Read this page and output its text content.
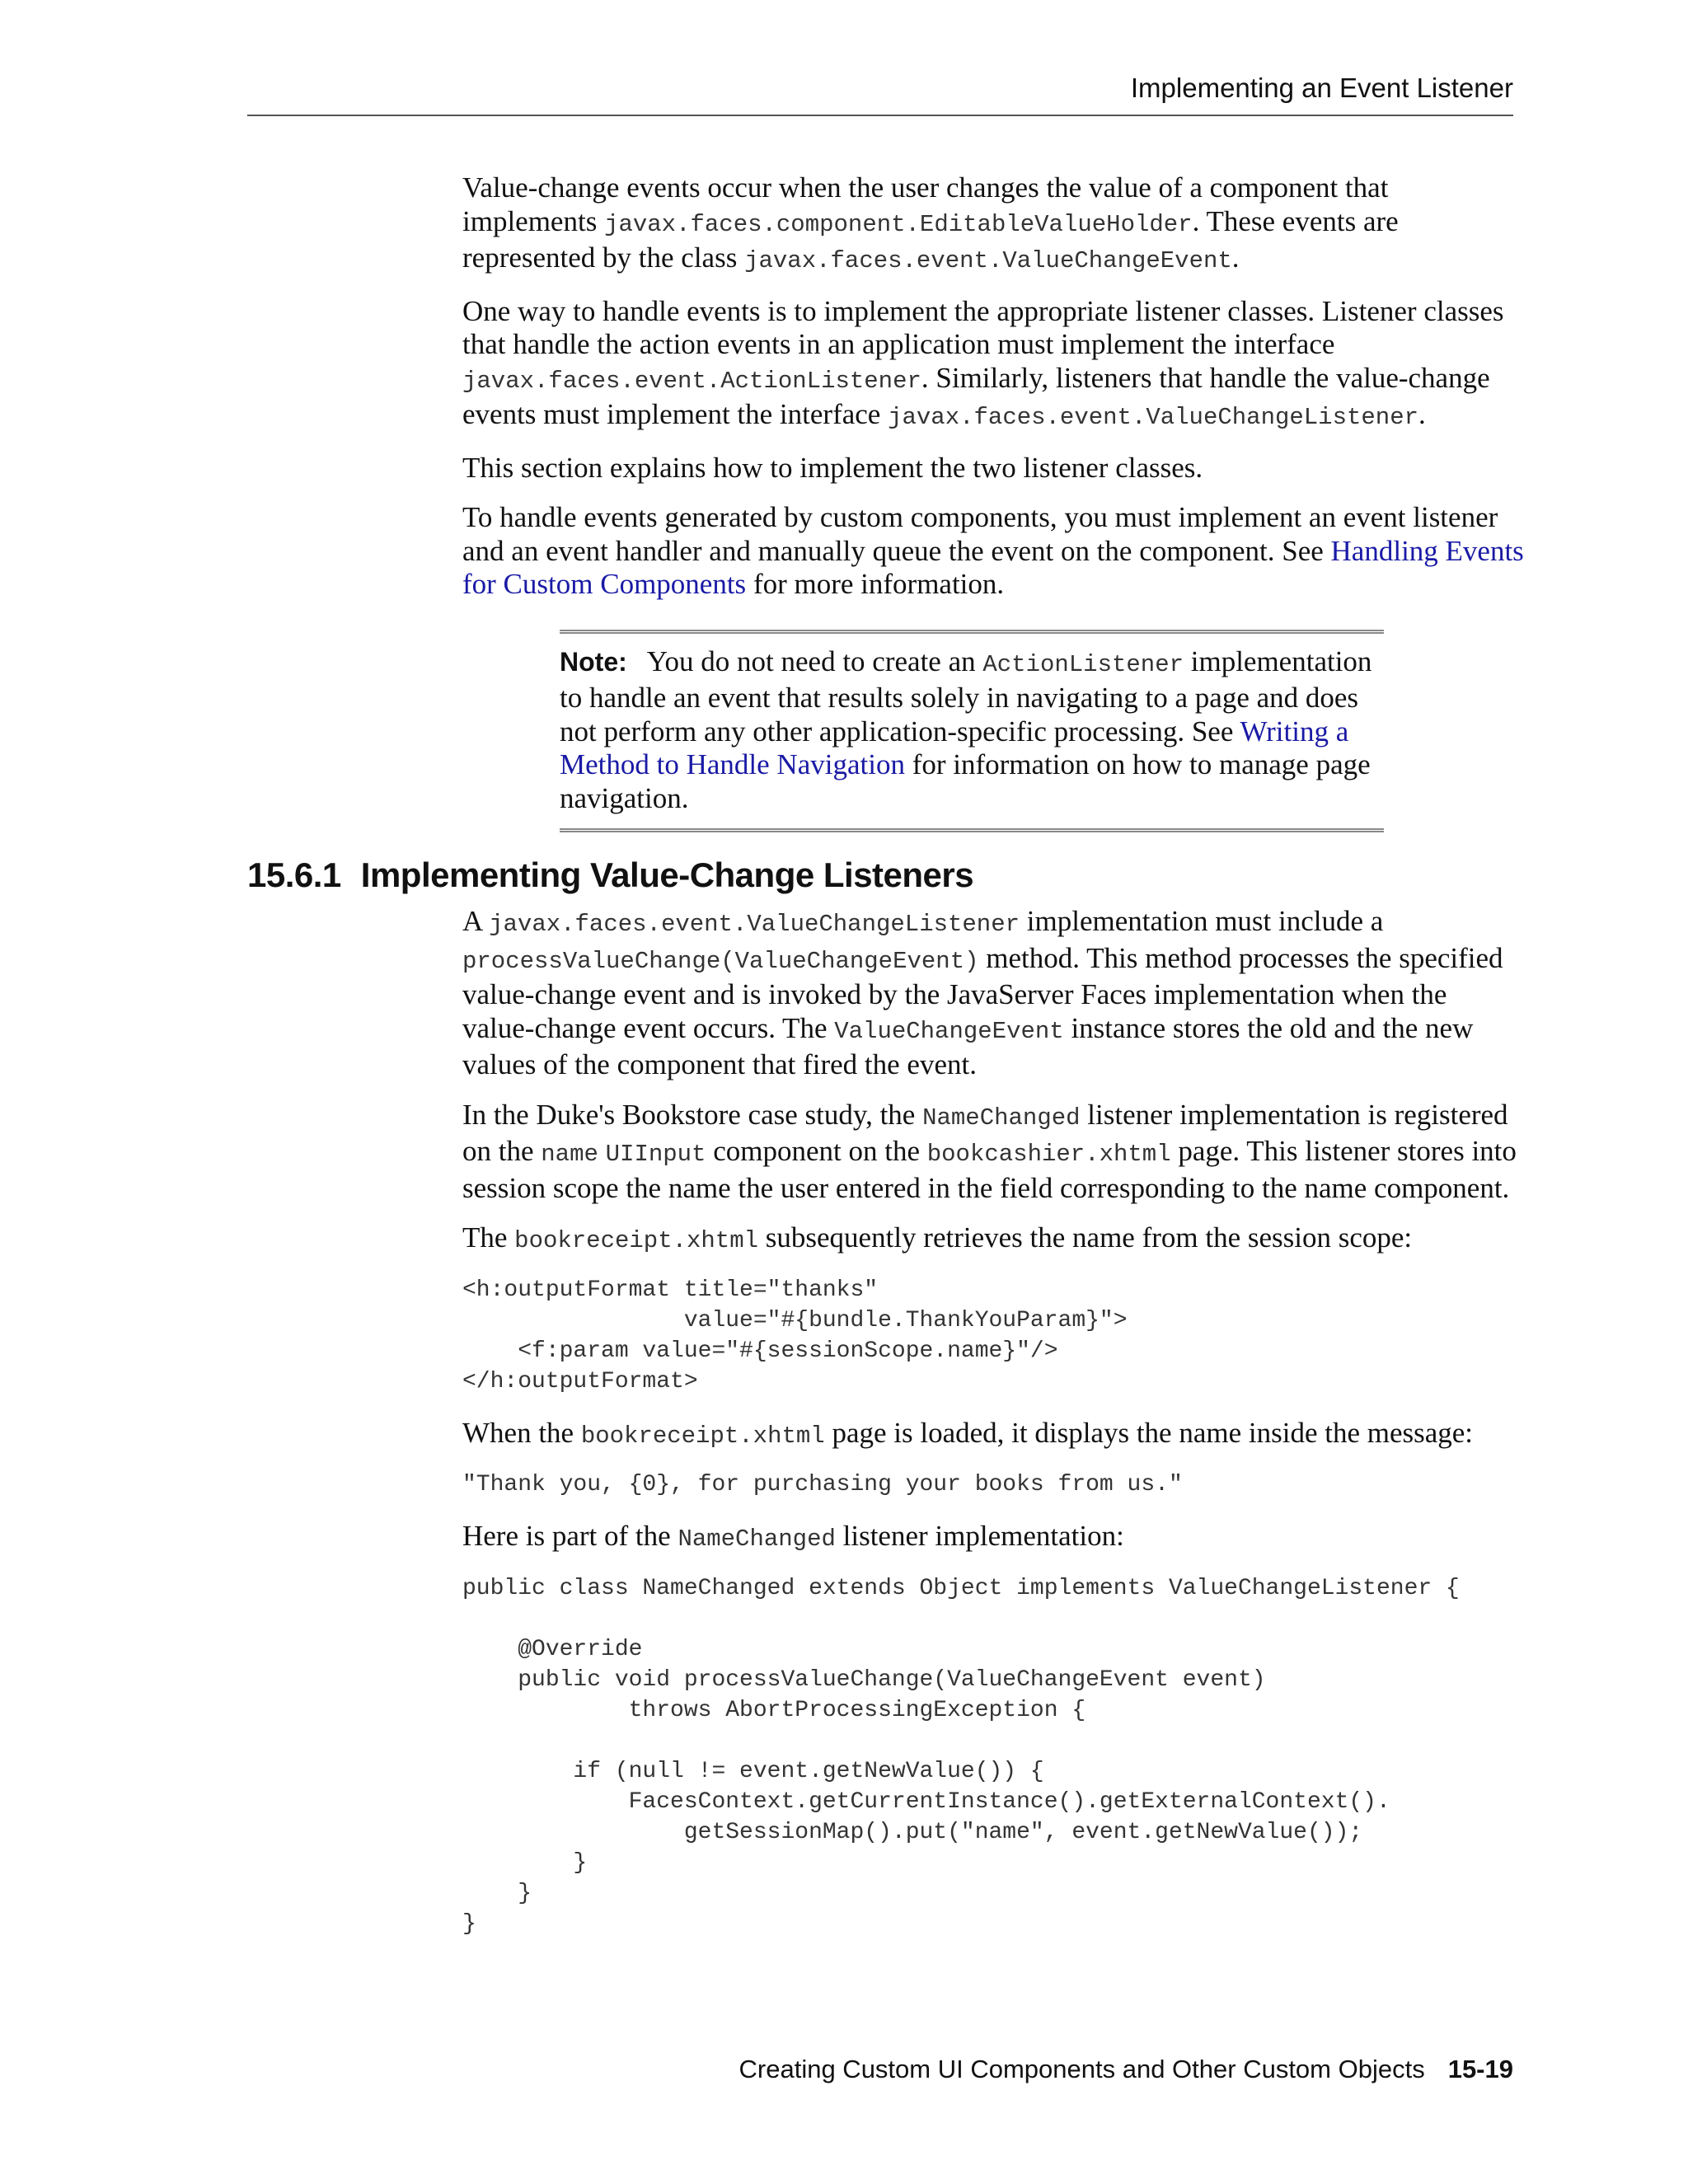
Implementing an Event Listener

Value-change events occur when the user changes the value of a component that implements javax.faces.component.EditableValueHolder. These events are represented by the class javax.faces.event.ValueChangeEvent.

One way to handle events is to implement the appropriate listener classes. Listener classes that handle the action events in an application must implement the interface javax.faces.event.ActionListener. Similarly, listeners that handle the value-change events must implement the interface javax.faces.event.ValueChangeListener.

This section explains how to implement the two listener classes.

To handle events generated by custom components, you must implement an event listener and an event handler and manually queue the event on the component. See Handling Events for Custom Components for more information.

Note: You do not need to create an ActionListener implementation to handle an event that results solely in navigating to a page and does not perform any other application-specific processing. See Writing a Method to Handle Navigation for information on how to manage page navigation.

15.6.1 Implementing Value-Change Listeners

A javax.faces.event.ValueChangeListener implementation must include a processValueChange(ValueChangeEvent) method. This method processes the specified value-change event and is invoked by the JavaServer Faces implementation when the value-change event occurs. The ValueChangeEvent instance stores the old and the new values of the component that fired the event.

In the Duke's Bookstore case study, the NameChanged listener implementation is registered on the name UIInput component on the bookcashier.xhtml page. This listener stores into session scope the name the user entered in the field corresponding to the name component.

The bookreceipt.xhtml subsequently retrieves the name from the session scope:

<h:outputFormat title="thanks"
value="#{bundle.ThankYouParam}">
<f:param value="#{sessionScope.name}"/>
</h:outputFormat>

When the bookreceipt.xhtml page is loaded, it displays the name inside the message:

"Thank you, {0}, for purchasing your books from us."

Here is part of the NameChanged listener implementation:

public class NameChanged extends Object implements ValueChangeListener {

@Override
public void processValueChange(ValueChangeEvent event)
throws AbortProcessingException {

if (null != event.getNewValue()) {
FacesContext.getCurrentInstance().getExternalContext().
getSessionMap().put("name", event.getNewValue());
}
}
}
Creating Custom UI Components and Other Custom Objects 15-19
